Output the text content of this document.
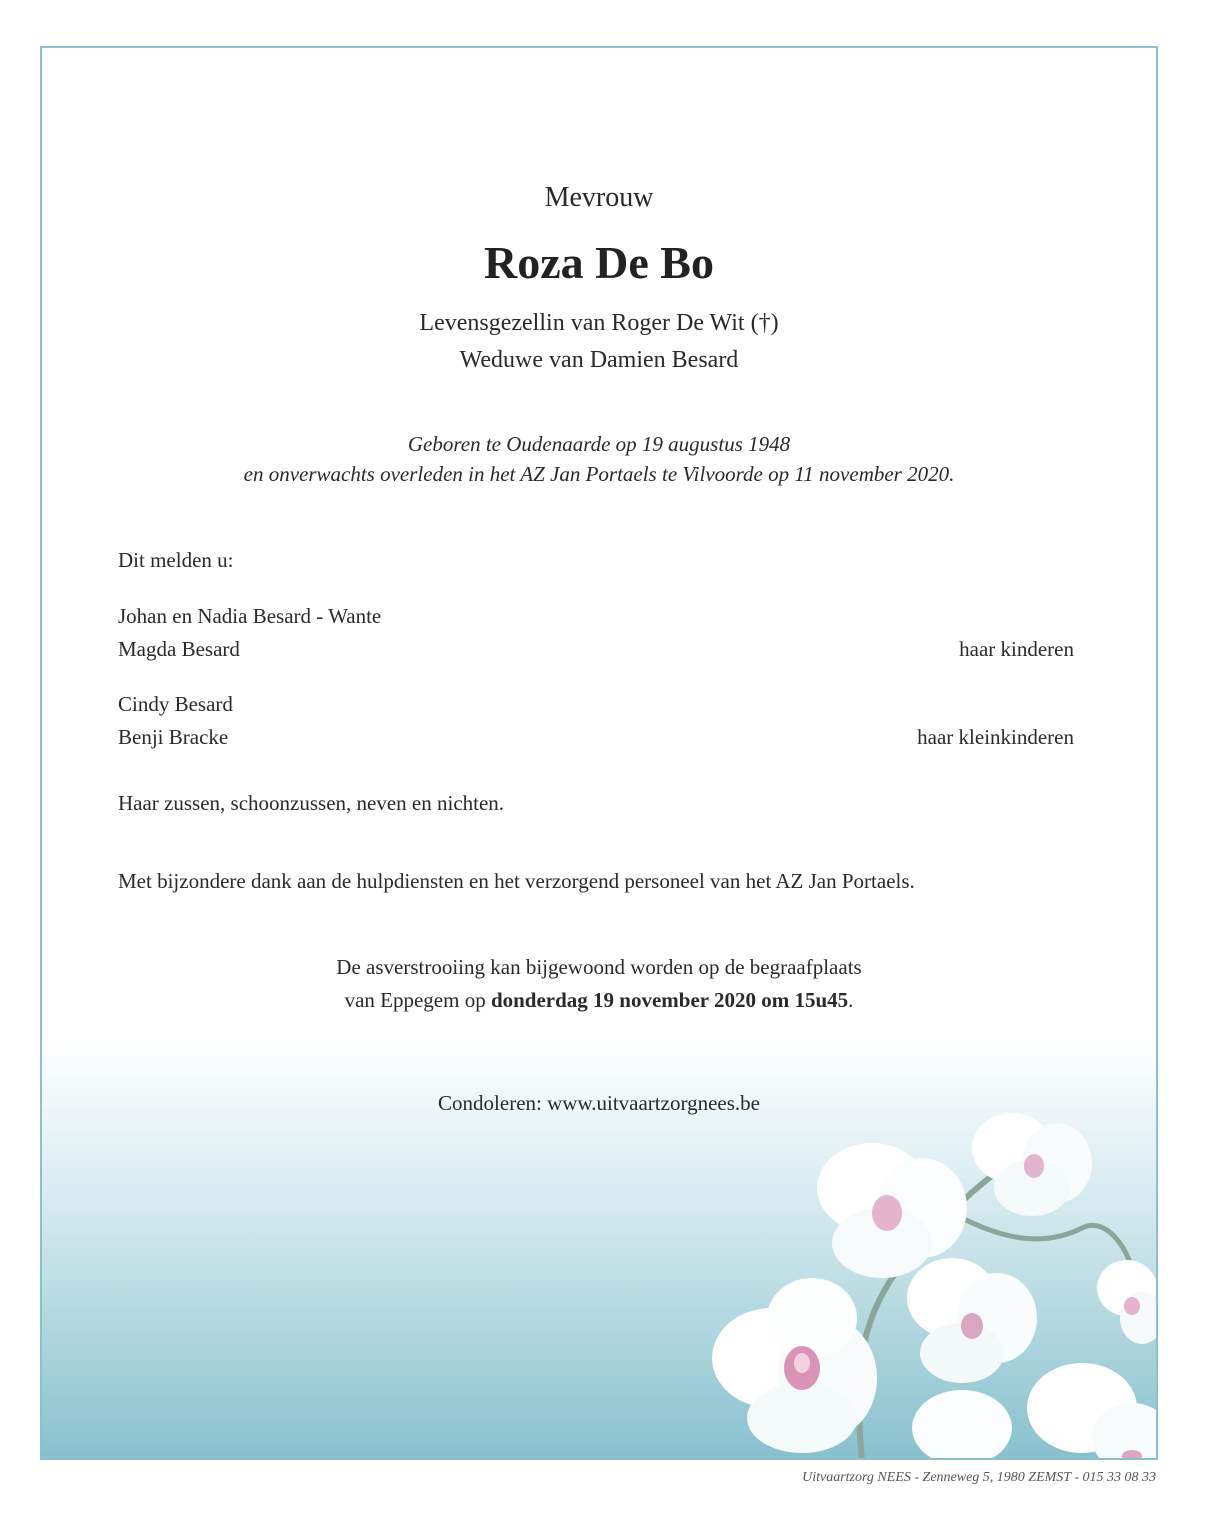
Mevrouw
Roza De Bo
Levensgezellin van Roger De Wit (†)
Weduwe van Damien Besard
Geboren te Oudenaarde op 19 augustus 1948
en onverwachts overleden in het AZ Jan Portaels te Vilvoorde op 11 november 2020.
Dit melden u:
Johan en Nadia Besard - Wante
Magda Besard	haar kinderen
Cindy Besard
Benji Bracke	haar kleinkinderen
Haar zussen, schoonzussen, neven en nichten.
Met bijzondere dank aan de hulpdiensten en het verzorgend personeel van het AZ Jan Portaels.
De asverstrooiing kan bijgewoond worden op de begraafplaats
van Eppegem op donderdag 19 november 2020 om 15u45.
Condoleren: www.uitvaartzorgnees.be
Uitvaartzorg NEES - Zenneweg 5, 1980 ZEMST - 015 33 08 33
